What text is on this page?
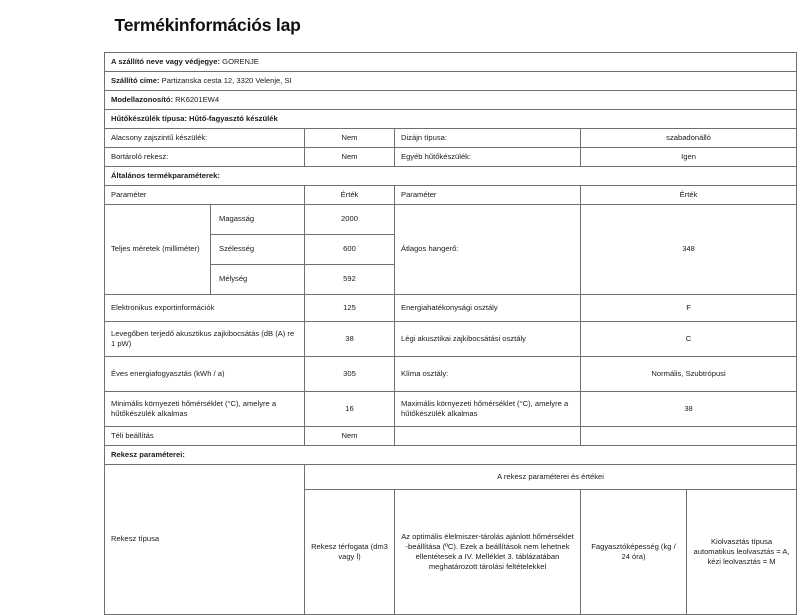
Termékinformációs lap					
A szállító neve vagy védjegye: GORENJE					
Szállító címe: Partizanska cesta 12, 3320 Velenje, SI					
Modellazonosító: RK6201EW4					
Hűtőkészülék típusa: Hűtő-fagyasztó készülék					
Alacsony zajszintű készülék:		Nem	Dizájn típusa:	szabadonálló	
Bortároló rekesz:		Nem	Egyéb hűtőkészülék:	Igen	
Általános termékparaméterek:					
Paraméter		Érték	Paraméter	Érték	
Teljes méretek (milliméter)	Magasság	2000	Átlagos hangerő:	348	
	Szélesség	600			
	Mélység	592			
Elektronikus exportinformációk		125	Energiahatékonysági osztály	F	
Levegőben terjedő akusztikus zajkibocsátás (dB (A) re 1 pW)		38	Légi akusztikai zajkibocsátási osztály	C	
Éves energiafogyasztás (kWh / a)		305	Klíma osztály:	Normális, Szubtrópusi	
Minimális környezeti hőmérséklet (°C), amelyre a hűtőkészülék alkalmas		16	Maximális környezeti hőmérséklet (°C), amelyre a hűtőkészülék alkalmas	38	
Téli beállítás		Nem			
Rekesz paraméterei:					
Rekesz típusa		A rekesz paraméterei és értékei			
		Rekesz térfogata (dm3 vagy l)	Az optimális élelmiszer-tárolás ajánlott hőmérséklet -beállítása (ºC). Ezek a beállítások nem lehetnek ellentétesek a IV. Melléklet 3. táblázatában meghatározott tárolási feltételekkel	Fagyasztóképesség (kg / 24 óra)	Kiolvasztás típusa automatikus leolvasztás = A, kézi leolvasztás = M
